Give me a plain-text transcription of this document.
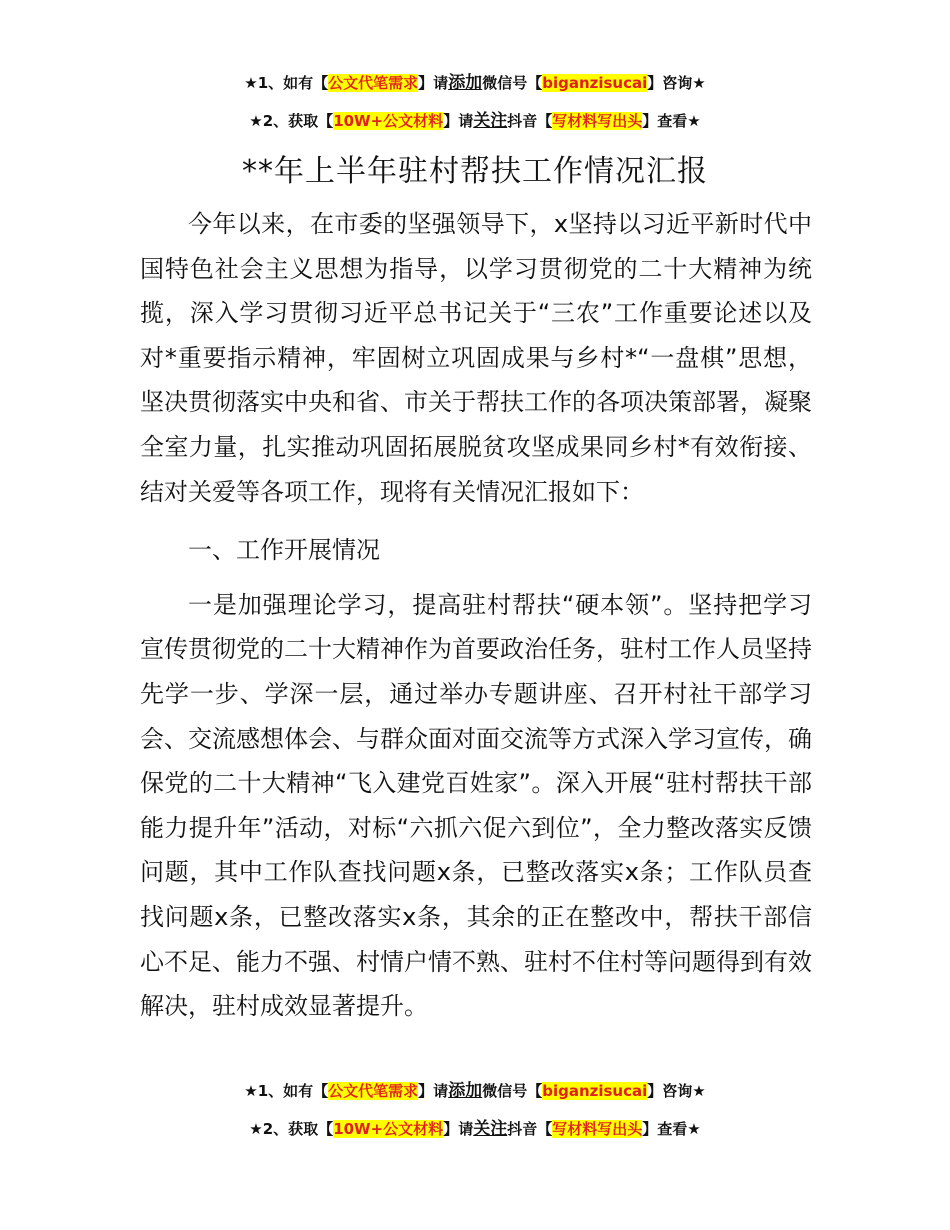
★1、如有【公文代笔需求】请添加微信号【biganzisucai】咨询★
★2、获取【10W+公文材料】请关注抖音【写材料写出头】查看★
**年上半年驻村帮扶工作情况汇报

今年以来，在市委的坚强领导下，x坚持以习近平新时代中国特色社会主义思想为指导，以学习贯彻党的二十大精神为统揽，深入学习贯彻习近平总书记关于“三农”工作重要论述以及对*重要指示精神，牢固树立巩固成果与乡村*“一盘棋”思想，坚决贯彻落实中央和省、市关于帮扶工作的各项决策部署，凝聚全室力量，扎实推动巩固拓展脱贫攻坚成果同乡村*有效衔接、结对关爱等各项工作，现将有关情况汇报如下：

一、工作开展情况

一是加强理论学习，提高驻村帮扶“硬本领”。坚持把学习宣传贯彻党的二十大精神作为首要政治任务，驻村工作人员坚持先学一步、学深一层，通过举办专题讲座、召开村社干部学习会、交流感想体会、与群众面对面交流等方式深入学习宣传，确保党的二十大精神“飞入建党百姓家”。深入开展“驻村帮扶干部能力提升年”活动，对标“六抓六促六到位”，全力整改落实反馈问题，其中工作队查找问题x条，已整改落实x条；工作队员查找问题x条，已整改落实x条，其余的正在整改中，帮扶干部信心不足、能力不强、村情户情不熟、驻村不住村等问题得到有效解决，驻村成效显著提升。

★1、如有【公文代笔需求】请添加微信号【biganzisucai】咨询★
★2、获取【10W+公文材料】请关注抖音【写材料写出头】查看★
